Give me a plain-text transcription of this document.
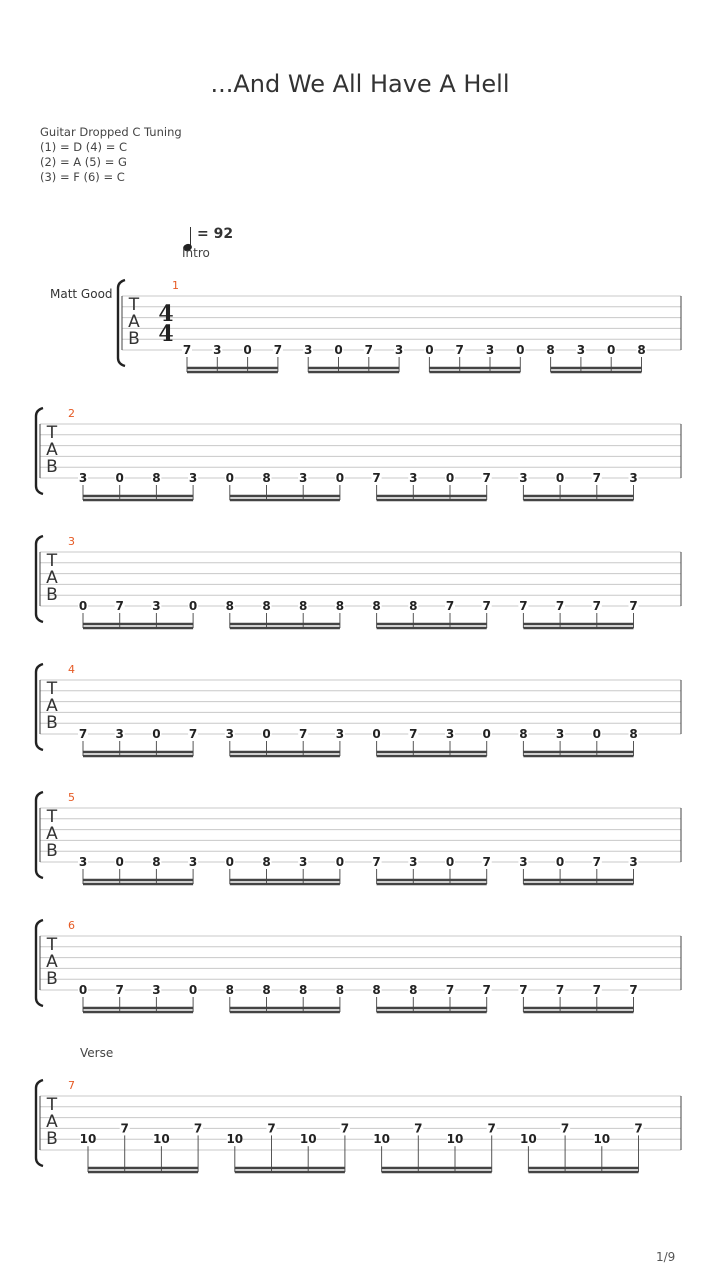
...And We All Have A Hell
Guitar Dropped C Tuning
(1) = D (4) = C
(2) = A (5) = G
(3) = F (6) = C
= 92
Intro
Matt Good
Verse
1
T
A
B
4
4
7 3 0 7 3 0 7 3 0 7 3 0 8 3 0 8
2
T
A
B
3 0 8 3 0 8 3 0 7 3 0 7 3 0 7 3
3
T
A
B
0 7 3 0 8 8 8 8 8 8 7 7 7 7 7 7
4
T
A
B
7 3 0 7 3 0 7 3 0 7 3 0 8 3 0 8
5
T
A
B
3 0 8 3 0 8 3 0 7 3 0 7 3 0 7 3
6
T
A
B
0 7 3 0 8 8 8 8 8 8 7 7 7 7 7 7
7
T
A
B 10
7
10
7
10
7
10
7
10
7
10
7
10
7
10
7
1/9
